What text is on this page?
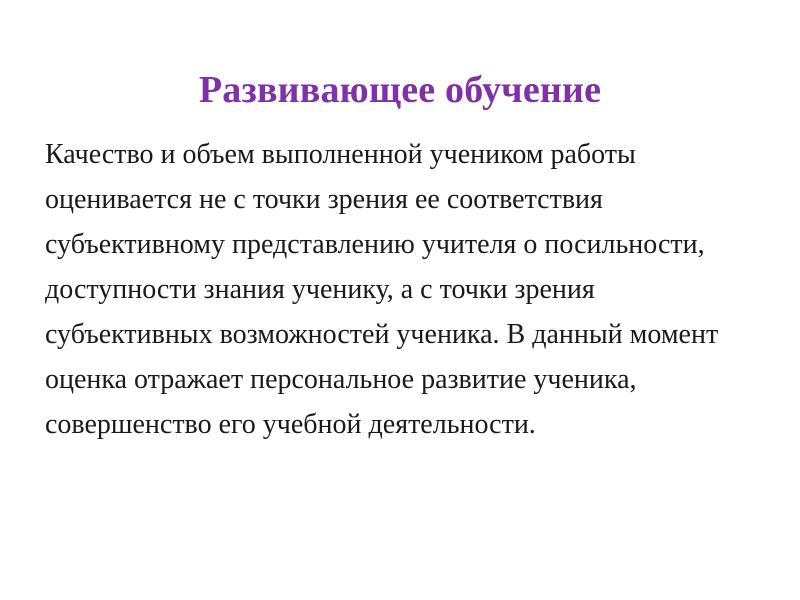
Развивающее обучение
Качество и объем выполненной учеником работы оценивается не с точки зрения ее соответствия субъективному представлению учителя о посильности, доступности знания ученику, а с точки зрения субъективных возможностей ученика. В данный момент оценка отражает персональное развитие ученика, совершенство его учебной деятельности.
